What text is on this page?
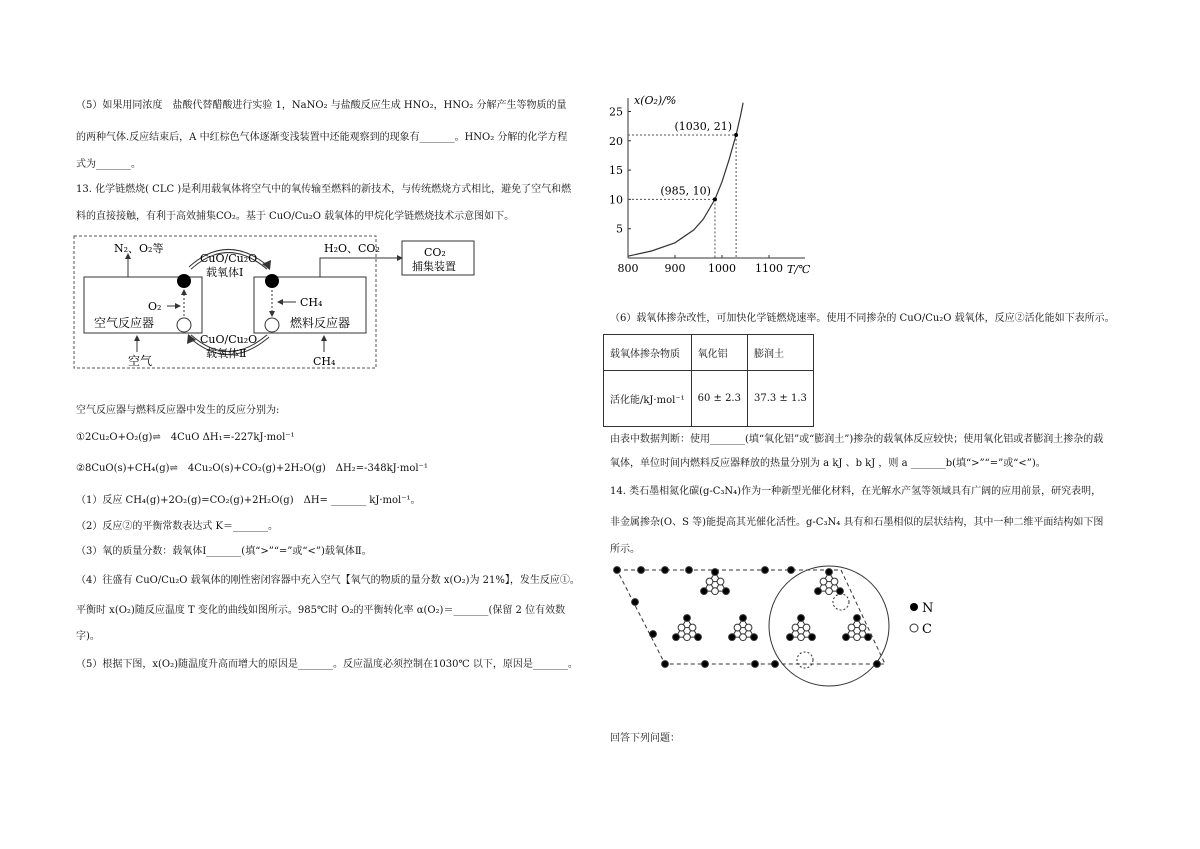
（5）如果用同浓度　盐酸代替醋酸进行实验 1，NaNO₂ 与盐酸反应生成 HNO₂，HNO₂ 分解产生等物质的量
的两种气体.反应结束后，A 中红棕色气体逐渐变浅装置中还能观察到的现象有_______。HNO₂ 分解的化学方程
式为_______。
13. 化学链燃烧( CLC )是利用载氧体将空气中的氧传输至燃料的新技术，与传统燃烧方式相比，避免了空气和燃
料的直接接触，有利于高效捕集CO₂。基于 CuO/Cu₂O 载氧体的甲烷化学链燃烧技术示意图如下。
N₂、O₂等
O₂	CH₄
CuO/Cu₂O
载氧体Ⅰ
CuO/Cu₂O
载氧体Ⅱ
空气反应器	燃料反应器
H₂O、CO₂	CO₂
捕集装置
空气	CH₄
空气反应器与燃料反应器中发生的反应分别为:
①2Cu₂O+O₂(g)⇌　4CuO ΔH₁=-227kJ·mol⁻¹
②8CuO(s)+CH₄(g)⇌　4Cu₂O(s)+CO₂(g)+2H₂O(g)　ΔH₂=-348kJ·mol⁻¹
（1）反应 CH₄(g)+2O₂(g)=CO₂(g)+2H₂O(g)　ΔH= _______ kJ·mol⁻¹。
（2）反应②的平衡常数表达式 K＝_______。
（3）氧的质量分数：载氧体Ⅰ_______(填“>”“=”或“<”)载氧体Ⅱ。
（4）往盛有 CuO/Cu₂O 载氧体的刚性密闭容器中充入空气【氧气的物质的量分数 x(O₂)为 21%】，发生反应①。
平衡时 x(O₂)随反应温度 T 变化的曲线如图所示。985℃时 O₂的平衡转化率 α(O₂)＝_______(保留 2 位有效数
字)。
（5）根据下图，x(O₂)随温度升高而增大的原因是_______。反应温度必须控制在1030℃ 以下，原因是_______。
x(O₂)/%
T/℃
800 900 1000 1100
5
10
15
20
25
(985, 10)
(1030, 21)
（6）载氧体掺杂改性，可加快化学链燃烧速率。使用不同掺杂的 CuO/Cu₂O 载氧体，反应②活化能如下表所示。
载氧体掺杂物质	氧化铝	膨润土
活化能/kJ·mol⁻¹	60 ± 2.3	37.3 ± 1.3
由表中数据判断：使用_______(填“氧化铝”或“膨润土”)掺杂的载氧体反应较快；使用氧化铝或者膨润土掺杂的载
氧体，单位时间内燃料反应器释放的热量分别为 a kJ 、b kJ ，则 a _______b(填“>”“=”或“<”)。
14. 类石墨相氮化碳(g-C₃N₄)作为一种新型光催化材料，在光解水产氢等领域具有广阔的应用前景，研究表明，
非金属掺杂(O、S 等)能提高其光催化活性。g-C₃N₄ 具有和石墨相似的层状结构，其中一种二维平面结构如下图
所示。
N
C
回答下列问题：
